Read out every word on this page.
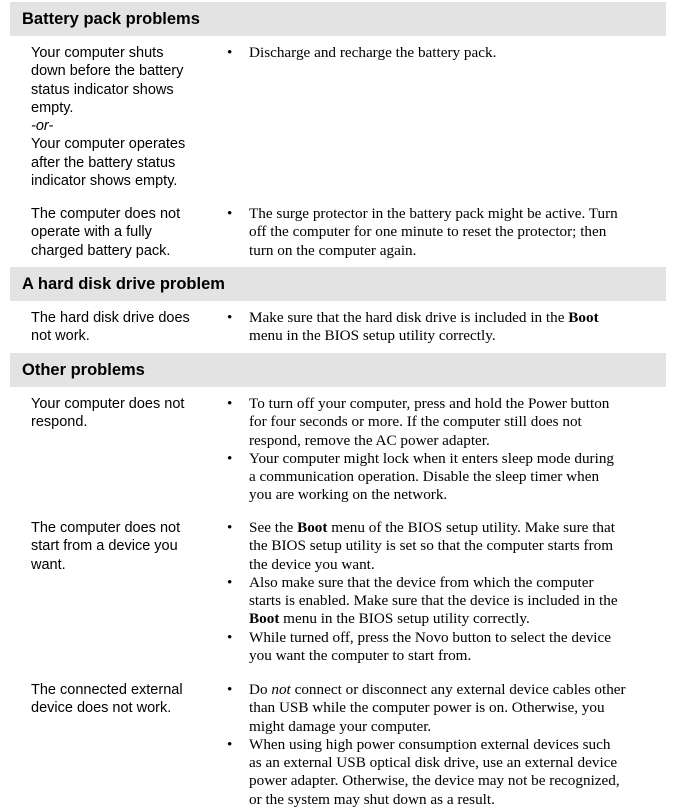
Battery pack problems
Your computer shuts
down before the battery
status indicator shows
empty.
-or-
Your computer operates
after the battery status
indicator shows empty.
• Discharge and recharge the battery pack.
The computer does not
operate with a fully
charged battery pack.
• The surge protector in the battery pack might be active. Turn
off the computer for one minute to reset the protector; then
turn on the computer again.
A hard disk drive problem
The hard disk drive does
not work.
• Make sure that the hard disk drive is included in the Boot
menu in the BIOS setup utility correctly.
Other problems
Your computer does not
respond.
• To turn off your computer, press and hold the Power button
for four seconds or more. If the computer still does not
respond, remove the AC power adapter.
• Your computer might lock when it enters sleep mode during
a communication operation. Disable the sleep timer when
you are working on the network.
The computer does not
start from a device you
want.
• See the Boot menu of the BIOS setup utility. Make sure that
the BIOS setup utility is set so that the computer starts from
the device you want.
• Also make sure that the device from which the computer
starts is enabled. Make sure that the device is included in the
Boot menu in the BIOS setup utility correctly.
• While turned off, press the Novo button to select the device
you want the computer to start from.
The connected external
device does not work.
• Do not connect or disconnect any external device cables other
than USB while the computer power is on. Otherwise, you
might damage your computer.
• When using high power consumption external devices such
as an external USB optical disk drive, use an external device
power adapter. Otherwise, the device may not be recognized,
or the system may shut down as a result.
